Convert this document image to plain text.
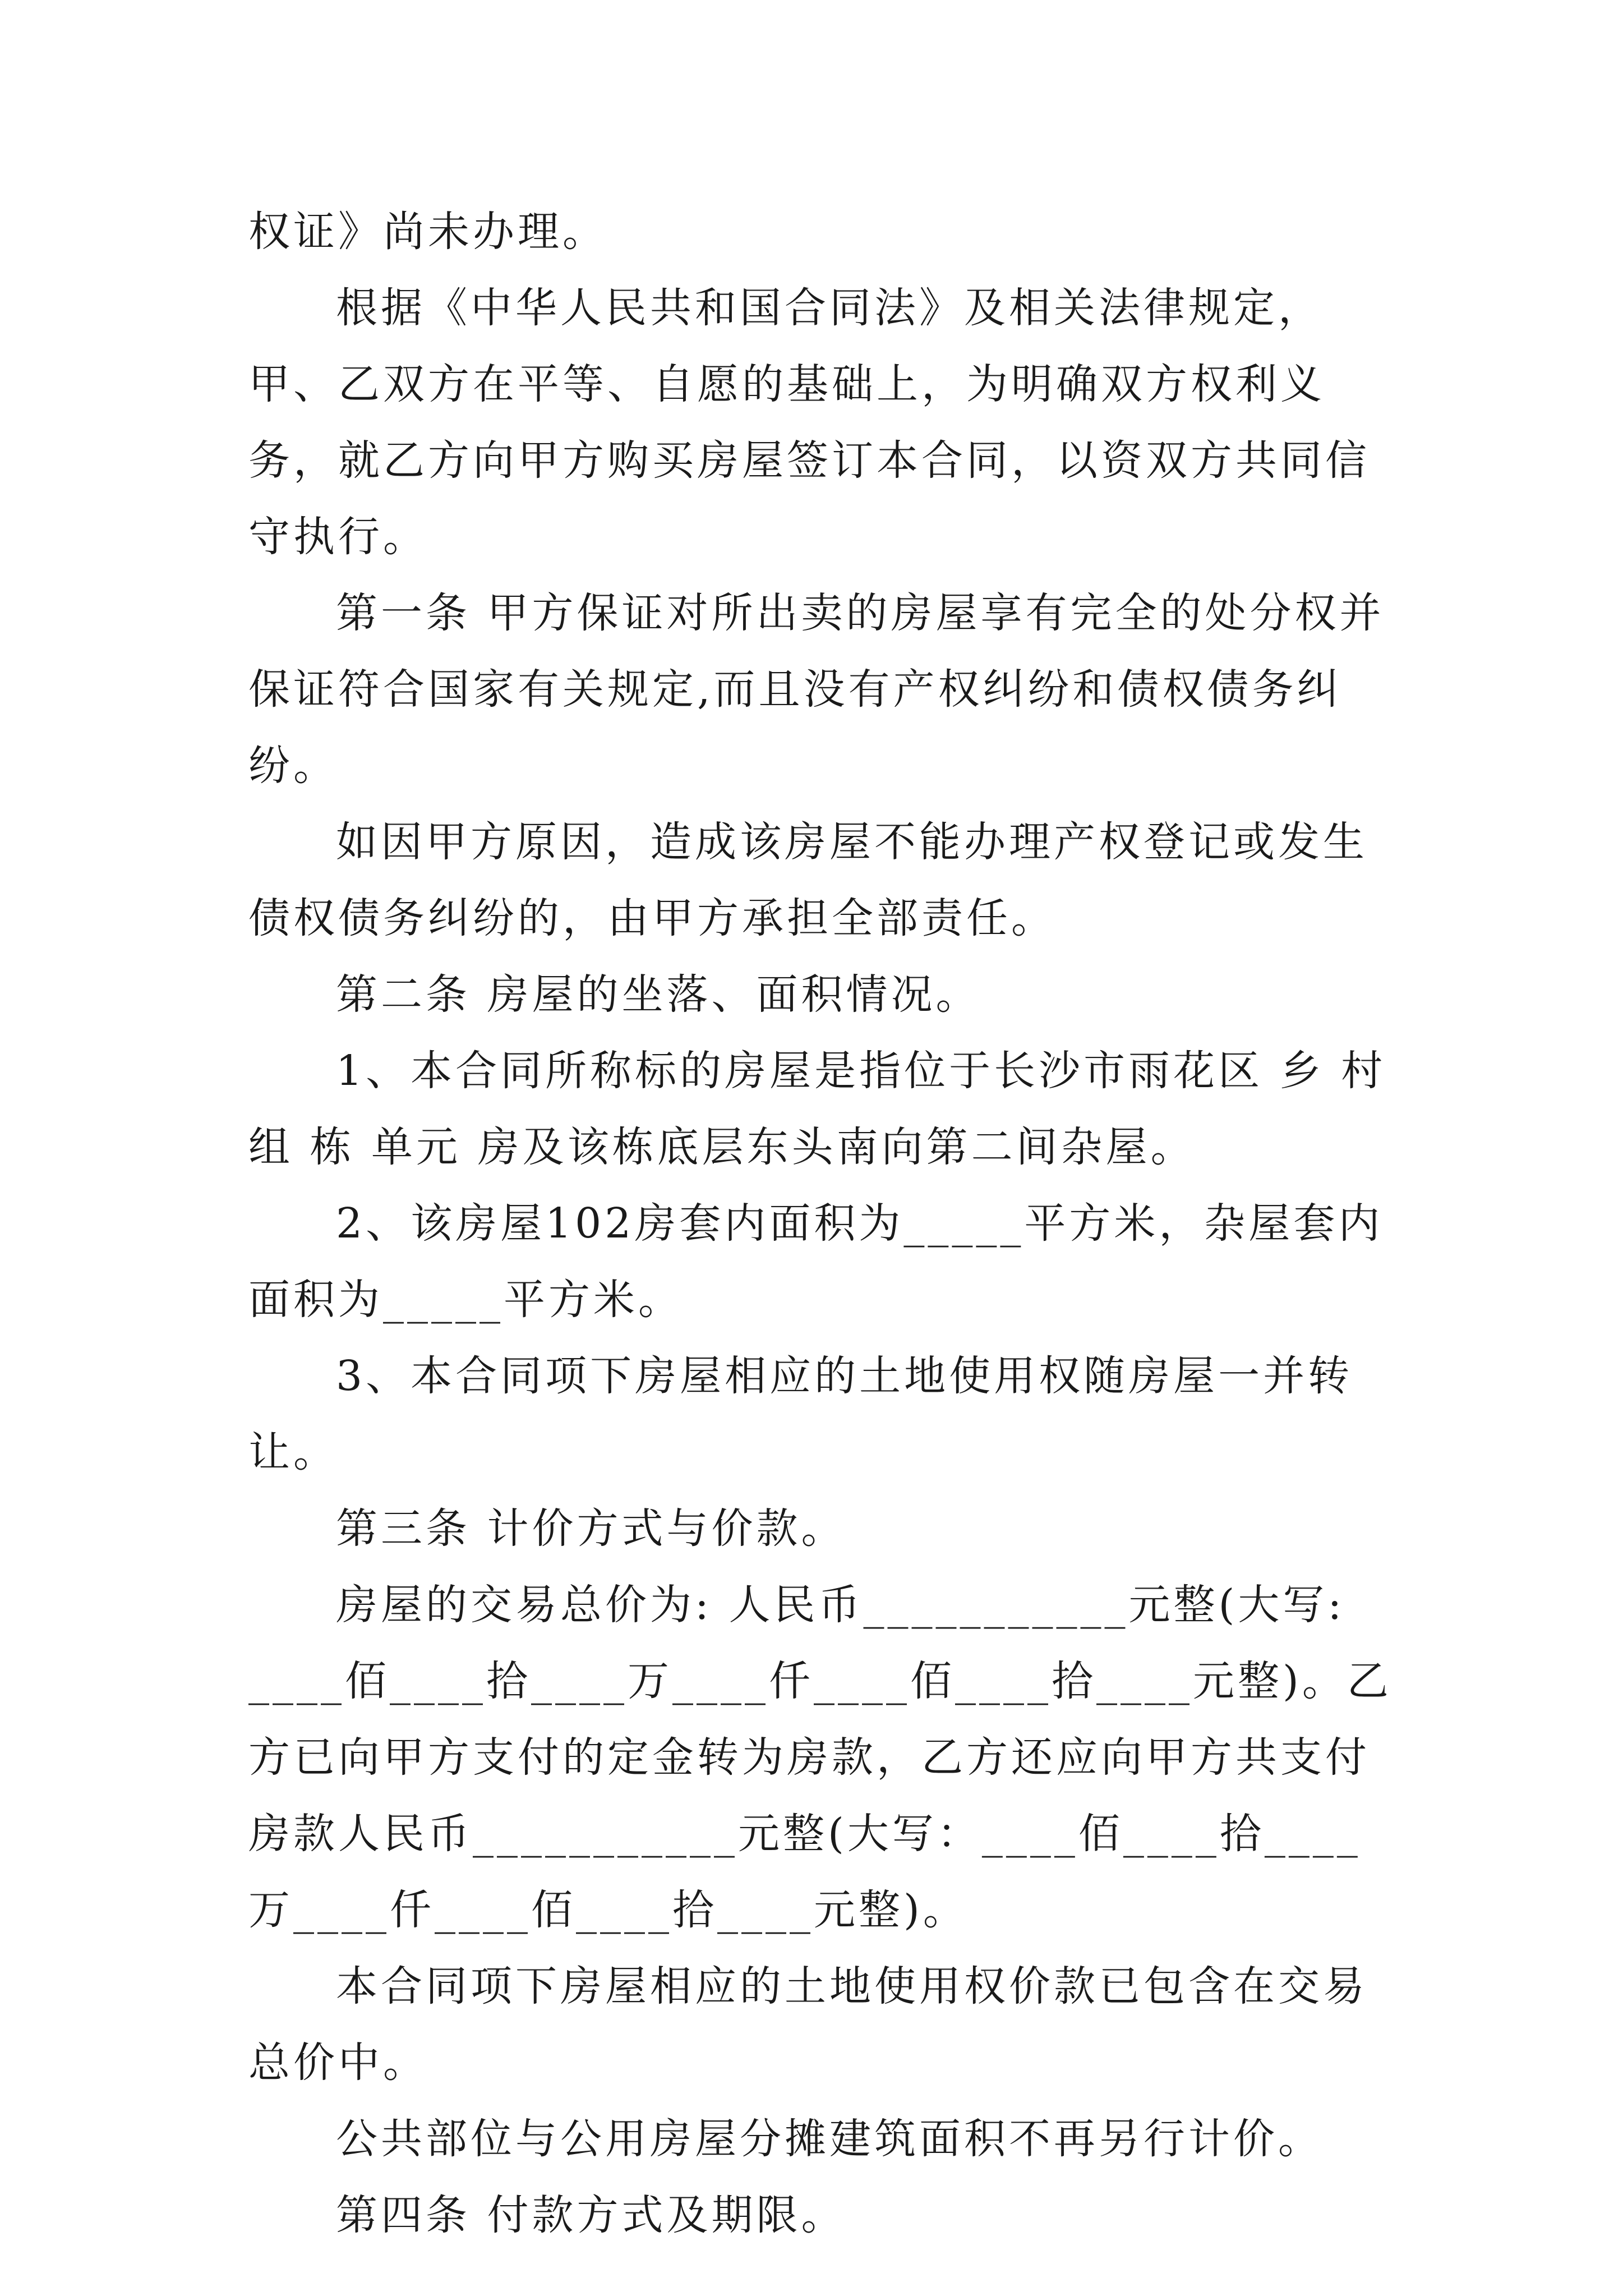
权证》尚未办理。

根据《中华人民共和国合同法》及相关法律规定，甲、乙双方在平等、自愿的基础上，为明确双方权利义务，就乙方向甲方购买房屋签订本合同，以资双方共同信守执行。

第一条 甲方保证对所出卖的房屋享有完全的处分权并保证符合国家有关规定,而且没有产权纠纷和债权债务纠纷。

如因甲方原因，造成该房屋不能办理产权登记或发生债权债务纠纷的，由甲方承担全部责任。

第二条 房屋的坐落、面积情况。

1、本合同所称标的房屋是指位于长沙市雨花区 乡 村 组 栋 单元 房及该栋底层东头南向第二间杂屋。

2、该房屋102房套内面积为_____平方米，杂屋套内面积为_____平方米。

3、本合同项下房屋相应的土地使用权随房屋一并转让。

第三条 计价方式与价款。

房屋的交易总价为: 人民币___________元整(大写: ____佰____拾____万____仟____佰____拾____元整)。乙方已向甲方支付的定金转为房款，乙方还应向甲方共支付房款人民币___________元整(大写：____佰____拾____万____仟____佰____拾____元整)。

本合同项下房屋相应的土地使用权价款已包含在交易总价中。

公共部位与公用房屋分摊建筑面积不再另行计价。

第四条 付款方式及期限。
